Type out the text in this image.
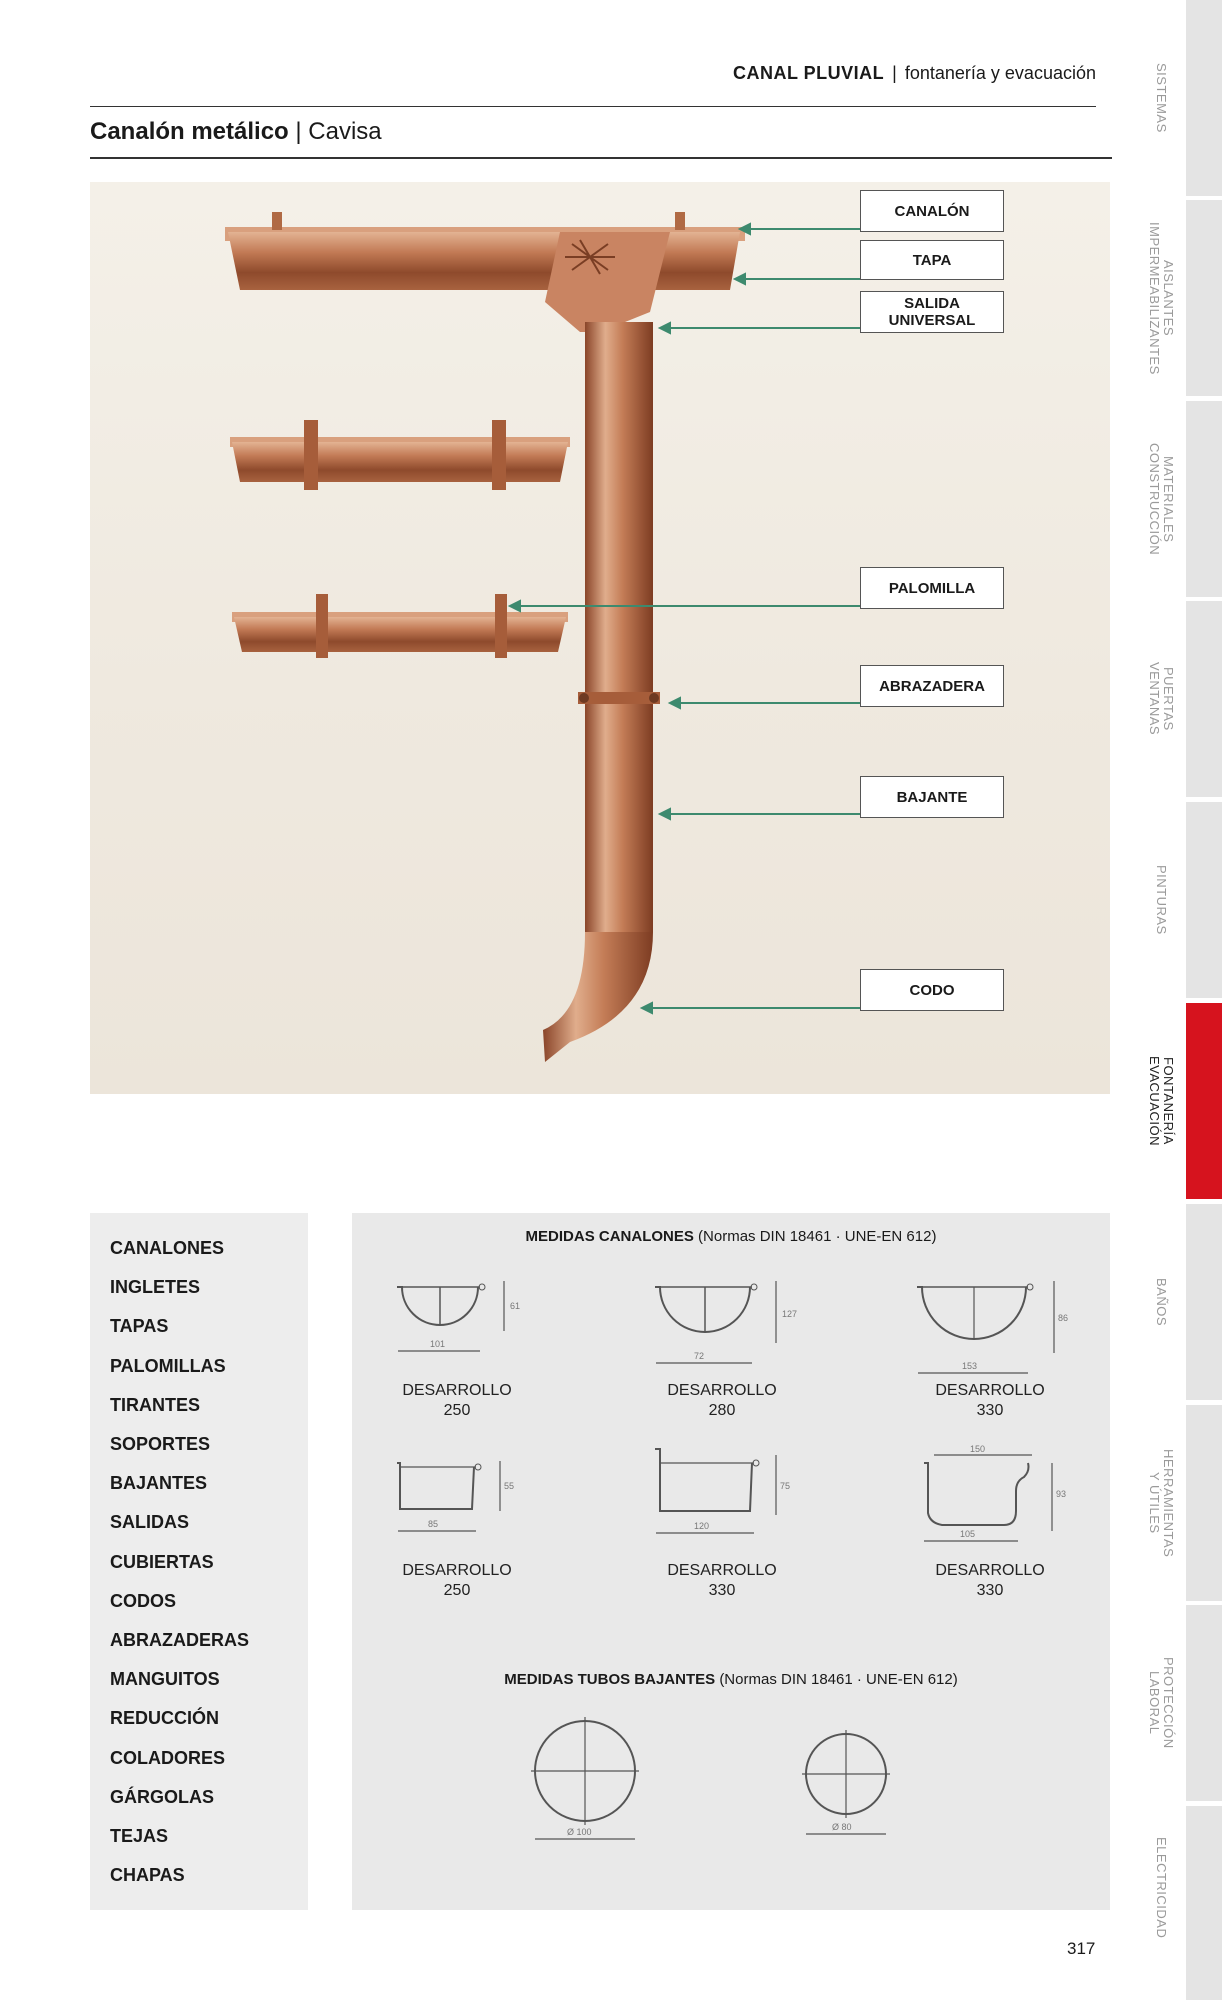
CANAL PLUVIAL | fontanería y evacuación
Canalón metálico | Cavisa
CANALÓN
TAPA
SALIDA
UNIVERSAL
PALOMILLA
ABRAZADERA
BAJANTE
CODO
SISTEMAS
AISLANTES
IMPERMEABILIZANTES
MATERIALES
CONSTRUCCIÓN
PUERTAS
VENTANAS
PINTURAS
FONTANERÍA
EVACUACIÓN
BAÑOS
HERRAMIENTAS
Y ÚTILES
PROTECCIÓN
LABORAL
ELECTRICIDAD
CANALONES
INGLETES
TAPAS
PALOMILLAS
TIRANTES
SOPORTES
BAJANTES
SALIDAS
CUBIERTAS
CODOS
ABRAZADERAS
MANGUITOS
REDUCCIÓN
COLADORES
GÁRGOLAS
TEJAS
CHAPAS
MEDIDAS CANALONES (Normas DIN 18461 · UNE-EN 612)
61
101
DESARROLLO
250
127
72
DESARROLLO
280
86
153
DESARROLLO
330
55
85
DESARROLLO
250
75
120
DESARROLLO
330
150
93
105
DESARROLLO
330
MEDIDAS TUBOS BAJANTES (Normas DIN 18461 · UNE-EN 612)
Ø 100	Ø 80
317
